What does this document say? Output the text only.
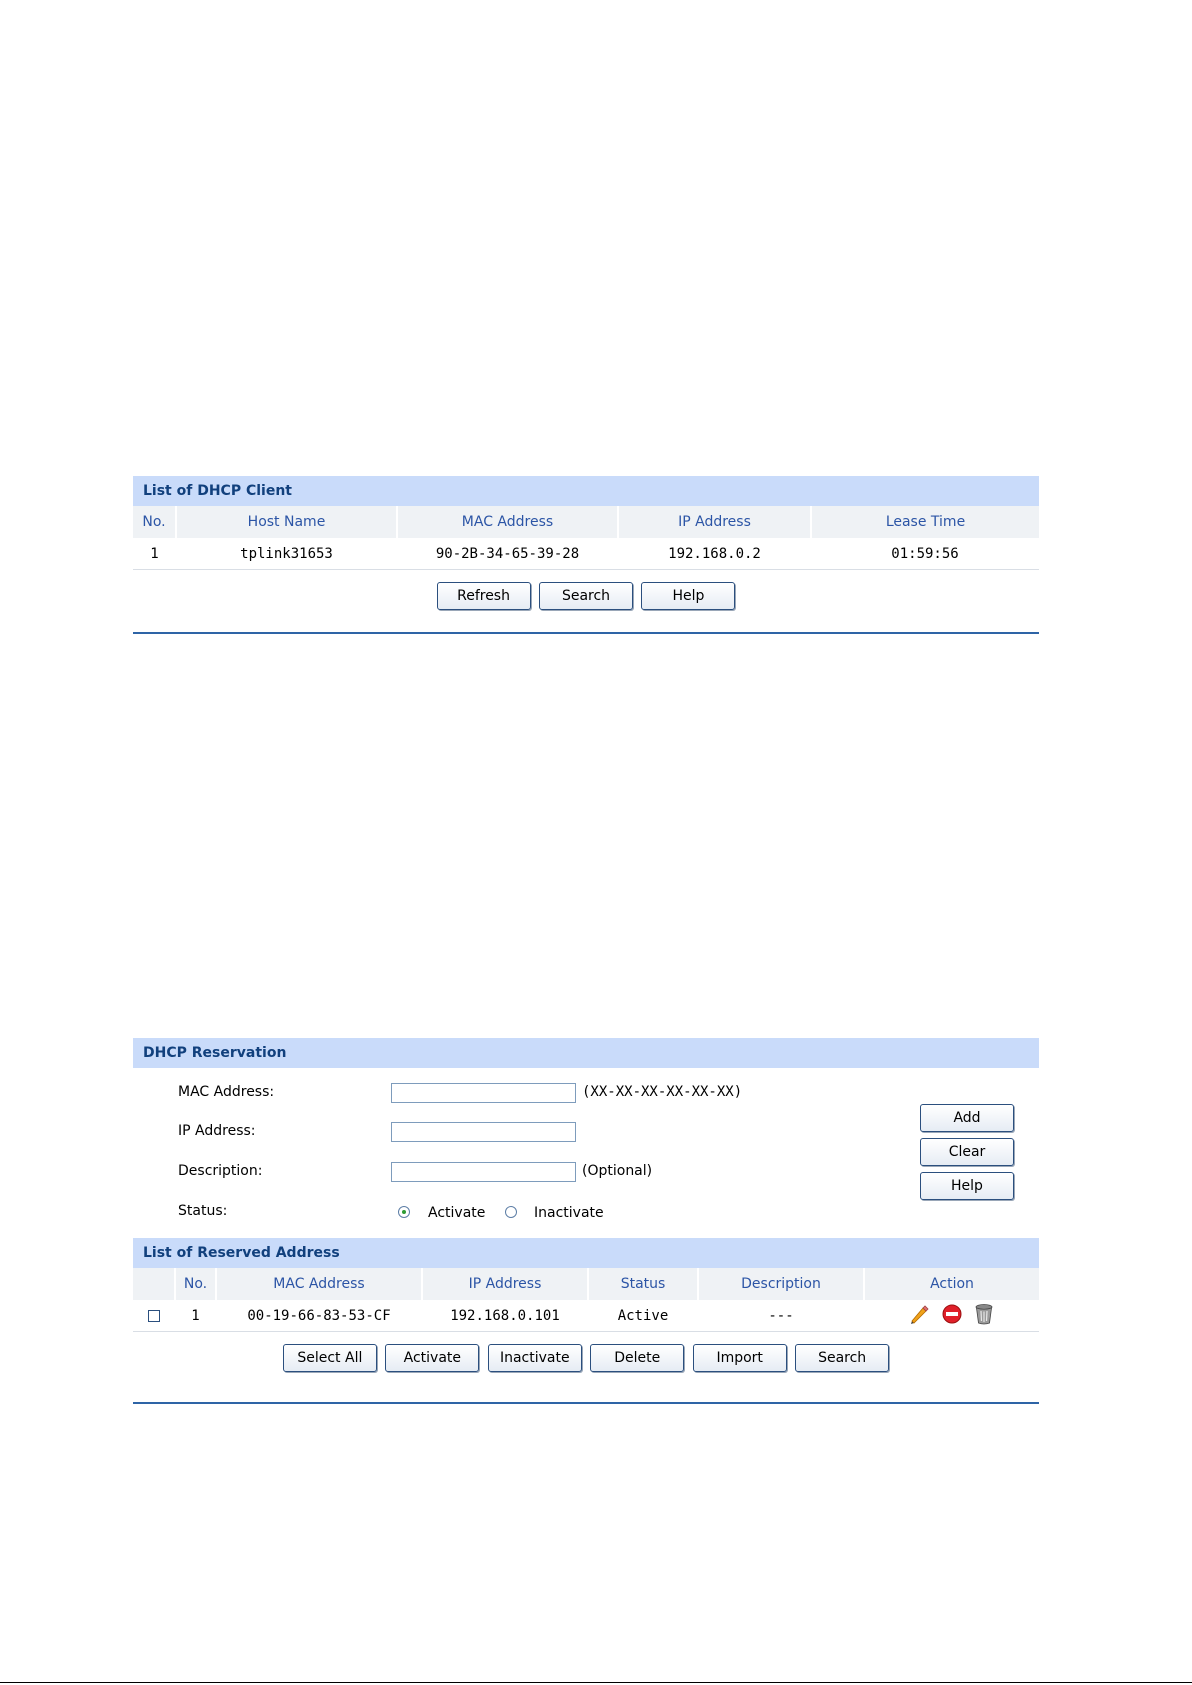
List of DHCP Client
No.	Host Name	MAC Address	IP Address	Lease Time
1	tplink31653	90-2B-34-65-39-28	192.168.0.2	01:59:56
Refresh	Search	Help
DHCP Reservation
MAC Address:	(XX-XX-XX-XX-XX-XX)
IP Address:
Description:	(Optional)
Status:	Activate	Inactivate
Add
Clear
Help
List of Reserved Address
	No.	MAC Address	IP Address	Status	Description	Action
	1	00-19-66-83-53-CF	192.168.0.101	Active	---	
Select All	Activate	Inactivate	Delete	Import	Search
